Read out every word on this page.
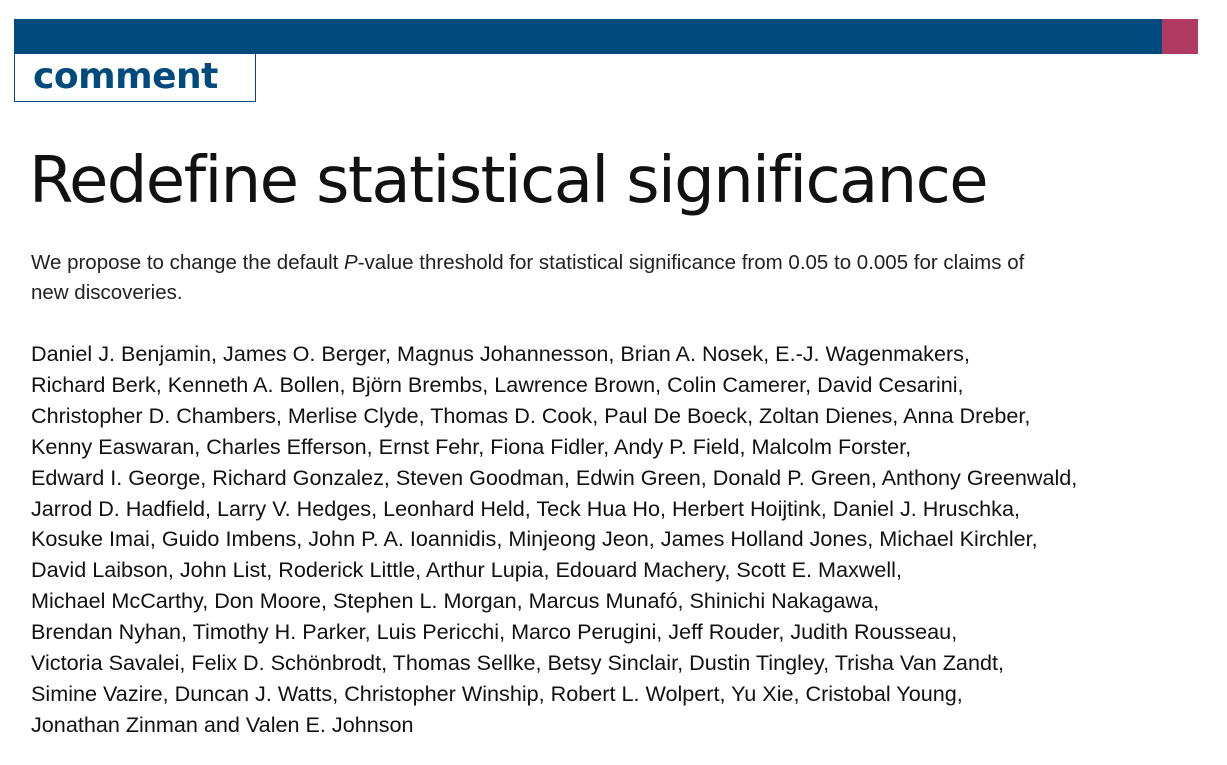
comment
Redefine statistical significance

We propose to change the default P-value threshold for statistical significance from 0.05 to 0.005 for claims of
new discoveries.

Daniel J. Benjamin, James O. Berger, Magnus Johannesson, Brian A. Nosek, E.-J. Wagenmakers,
Richard Berk, Kenneth A. Bollen, Björn Brembs, Lawrence Brown, Colin Camerer, David Cesarini,
Christopher D. Chambers, Merlise Clyde, Thomas D. Cook, Paul De Boeck, Zoltan Dienes, Anna Dreber,
Kenny Easwaran, Charles Efferson, Ernst Fehr, Fiona Fidler, Andy P. Field, Malcolm Forster,
Edward I. George, Richard Gonzalez, Steven Goodman, Edwin Green, Donald P. Green, Anthony Greenwald,
Jarrod D. Hadfield, Larry V. Hedges, Leonhard Held, Teck Hua Ho, Herbert Hoijtink, Daniel J. Hruschka,
Kosuke Imai, Guido Imbens, John P. A. Ioannidis, Minjeong Jeon, James Holland Jones, Michael Kirchler,
David Laibson, John List, Roderick Little, Arthur Lupia, Edouard Machery, Scott E. Maxwell,
Michael McCarthy, Don Moore, Stephen L. Morgan, Marcus Munafó, Shinichi Nakagawa,
Brendan Nyhan, Timothy H. Parker, Luis Pericchi, Marco Perugini, Jeff Rouder, Judith Rousseau,
Victoria Savalei, Felix D. Schönbrodt, Thomas Sellke, Betsy Sinclair, Dustin Tingley, Trisha Van Zandt,
Simine Vazire, Duncan J. Watts, Christopher Winship, Robert L. Wolpert, Yu Xie, Cristobal Young,
Jonathan Zinman and Valen E. Johnson
